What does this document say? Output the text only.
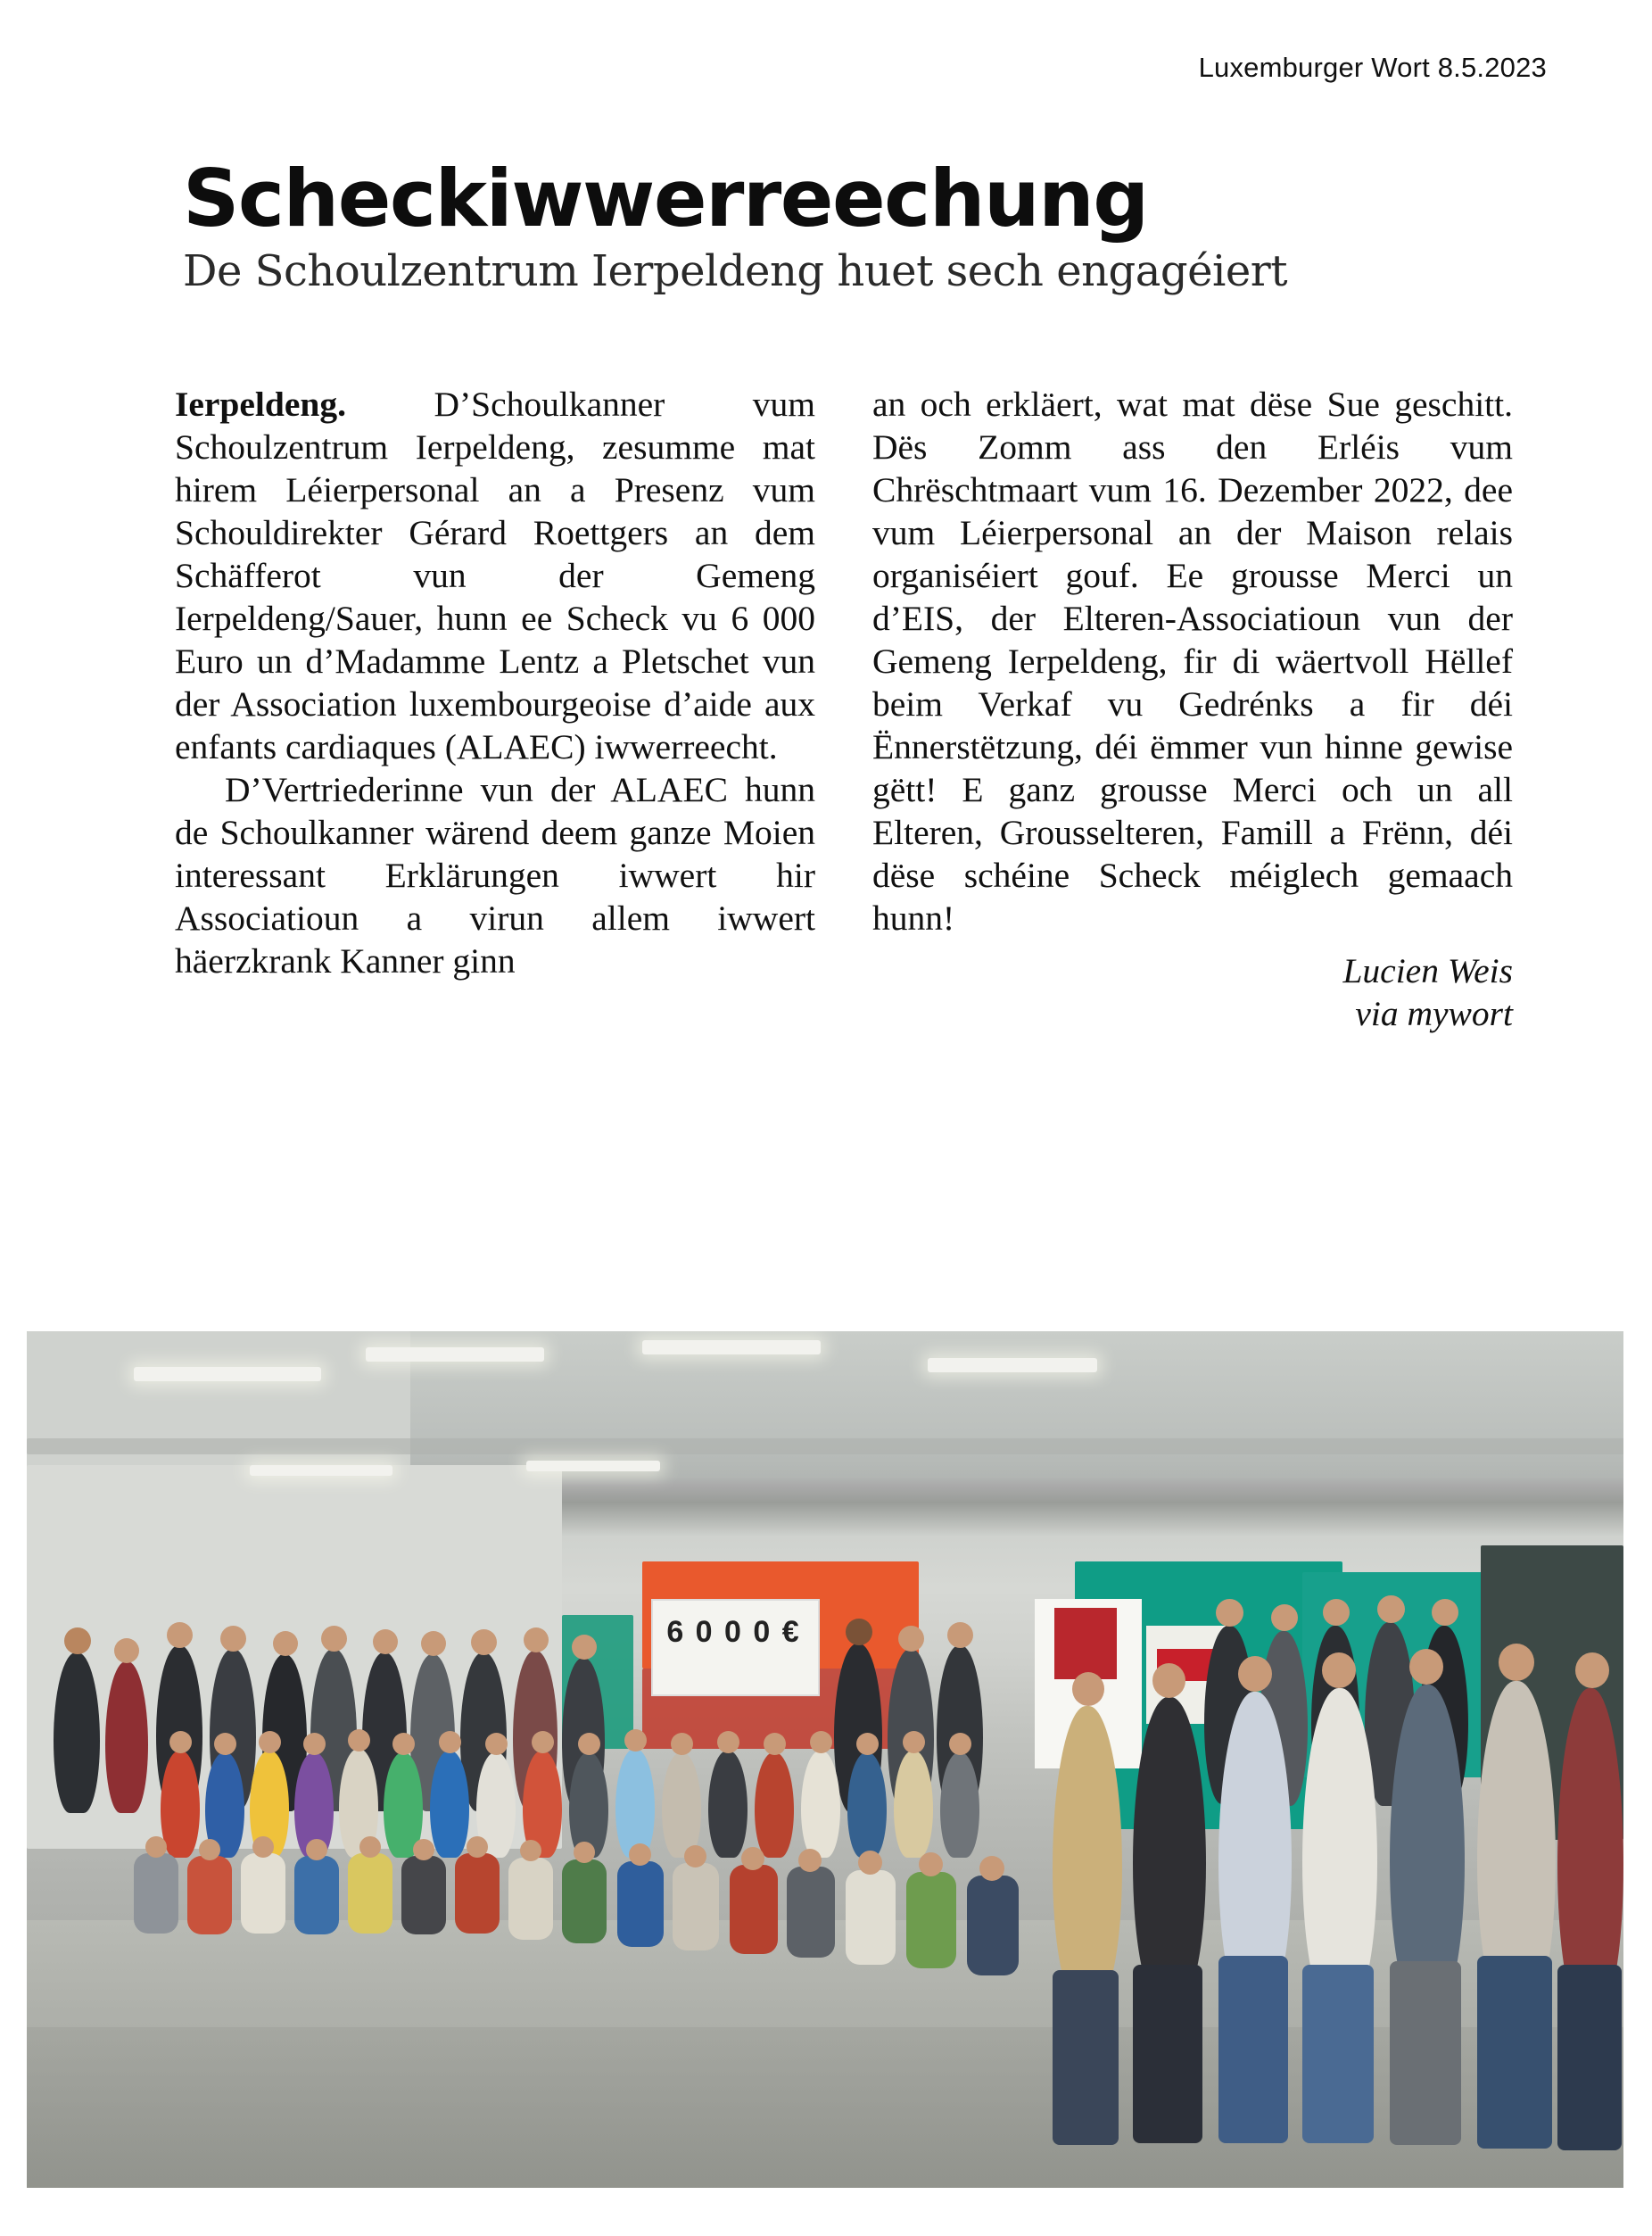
Luxemburger Wort 8.5.2023
Scheckiwwerreechung
De Schoulzentrum Ierpeldeng huet sech engagéiert

Ierpeldeng. D’Schoulkanner vum Schoulzentrum Ierpeldeng, zesumme mat hirem Léierpersonal an a Presenz vum Schouldirekter Gérard Roettgers an dem Schäfferot vun der Gemeng Ierpeldeng/Sauer, hunn ee Scheck vu 6 000 Euro un d’Madamme Lentz a Pletschet vun der Association luxembourgeoise d’aide aux enfants cardiaques (ALAEC) iwwerreecht.

D’Vertriederinne vun der ALAEC hunn de Schoulkanner wärend deem ganze Moien interessant Erklärungen iwwert hir Associatioun a virun allem iwwert häerzkrank Kanner ginn

an och erkläert, wat mat dëse Sue geschitt. Dës Zomm ass den Erléis vum Chrëschtmaart vum 16. Dezember 2022, dee vum Léierpersonal an der Maison relais organiséiert gouf. Ee grousse Merci un d’EIS, der Elteren-Associatioun vun der Gemeng Ierpeldeng, fir di wäertvoll Hëllef beim Verkaf vu Gedrénks a fir déi Ënnerstëtzung, déi ëmmer vun hinne gewise gëtt! E ganz grousse Merci och un all Elteren, Grousselteren, Famill a Frënn, déi dëse schéine Scheck méiglech gemaach hunn!

Lucien Weis
via mywort
6 0 0 0 €
